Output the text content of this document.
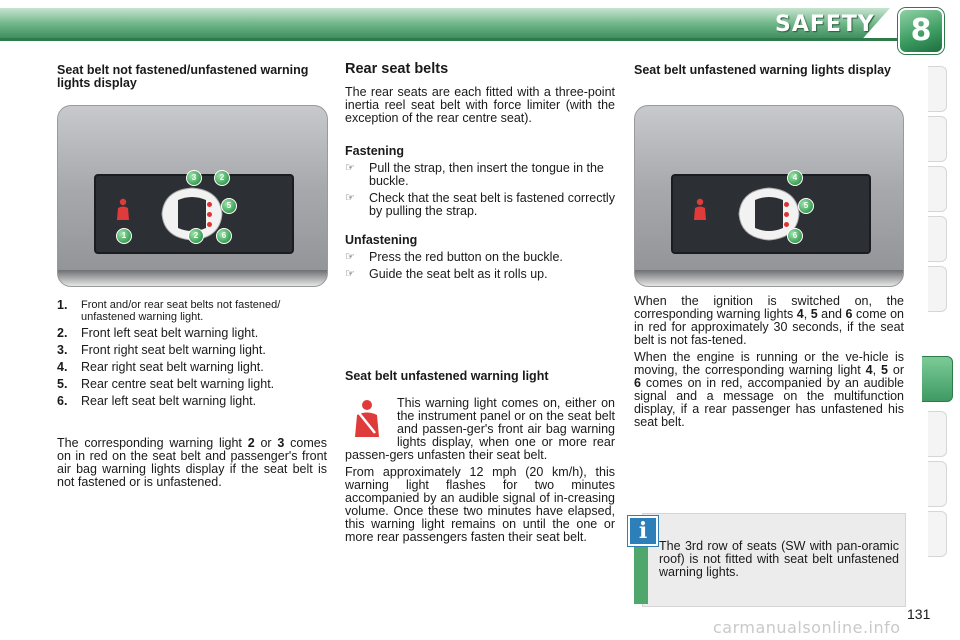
SAFETY	8
Seat belt not fastened/unfastened warning lights display
3	2
5
1	2	6
1.	Front and/or rear seat belts not fastened/ unfastened warning light.
2.	Front left seat belt warning light.
3.	Front right seat belt warning light.
4.	Rear right seat belt warning light.
5.	Rear centre seat belt warning light.
6.	Rear left seat belt warning light.

The corresponding warning light 2 or 3 comes on in red on the seat belt and passenger's front air bag warning lights display if the seat belt is not fastened or is unfastened.

Rear seat belts

The rear seats are each fitted with a three-point inertia reel seat belt with force limiter (with the exception of the rear centre seat).

Fastening
☞	Pull the strap, then insert the tongue in the buckle.
☞	Check that the seat belt is fastened correctly by pulling the strap.
Unfastening
☞	Press the red button on the buckle.
☞	Guide the seat belt as it rolls up.
Seat belt unfastened warning light

This warning light comes on, either on the instrument panel or on the seat belt and passen-ger's front air bag warning lights display, when one or more rear passen-gers unfasten their seat belt.

From approximately 12 mph (20 km/h), this warning light flashes for two minutes accompanied by an audible signal of in-creasing volume. Once these two minutes have elapsed, this warning light remains on until the one or more rear passengers fasten their seat belt.

Seat belt unfastened warning lights display
4
5
6

When the ignition is switched on, the corresponding warning lights 4, 5 and 6 come on in red for approximately 30 seconds, if the seat belt is not fas-tened.

When the engine is running or the ve-hicle is moving, the corresponding warning light 4, 5 or 6 comes on in red, accompanied by an audible signal and a message on the multifunction display, if a rear passenger has unfastened his seat belt.

The 3rd row of seats (SW with pan-oramic roof) is not fitted with seat belt unfastened warning lights.

i
131
carmanualsonline.info
